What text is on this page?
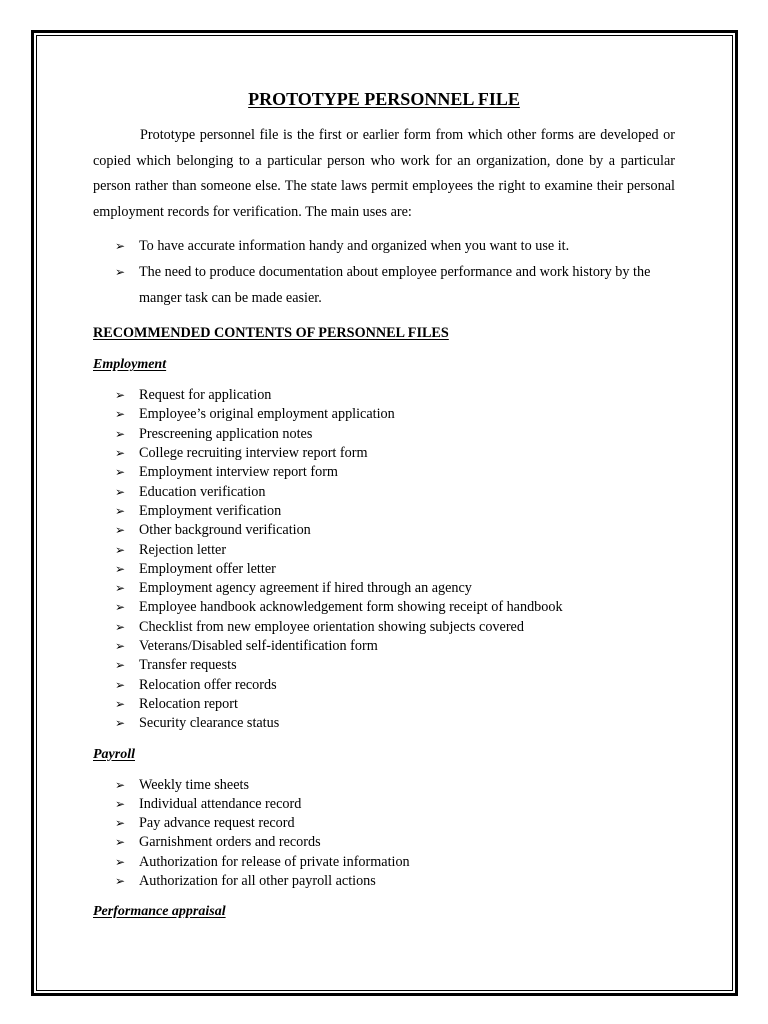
PROTOTYPE PERSONNEL FILE

Prototype personnel file is the first or earlier form from which other forms are developed or copied which belonging to a particular person who work for an organization, done by a particular person rather than someone else. The state laws permit employees the right to examine their personal employment records for verification. The main uses are:

➢ To have accurate information handy and organized when you want to use it.
➢ The need to produce documentation about employee performance and work history by the manger task can be made easier.
RECOMMENDED CONTENTS OF PERSONNEL FILES
Employment
➢ Request for application
➢ Employee’s original employment application
➢ Prescreening application notes
➢ College recruiting interview report form
➢ Employment interview report form
➢ Education verification
➢ Employment verification
➢ Other background verification
➢ Rejection letter
➢ Employment offer letter
➢ Employment agency agreement if hired through an agency
➢ Employee handbook acknowledgement form showing receipt of handbook
➢ Checklist from new employee orientation showing subjects covered
➢ Veterans/Disabled self-identification form
➢ Transfer requests
➢ Relocation offer records
➢ Relocation report
➢ Security clearance status
Payroll
➢ Weekly time sheets
➢ Individual attendance record
➢ Pay advance request record
➢ Garnishment orders and records
➢ Authorization for release of private information
➢ Authorization for all other payroll actions
Performance appraisal
